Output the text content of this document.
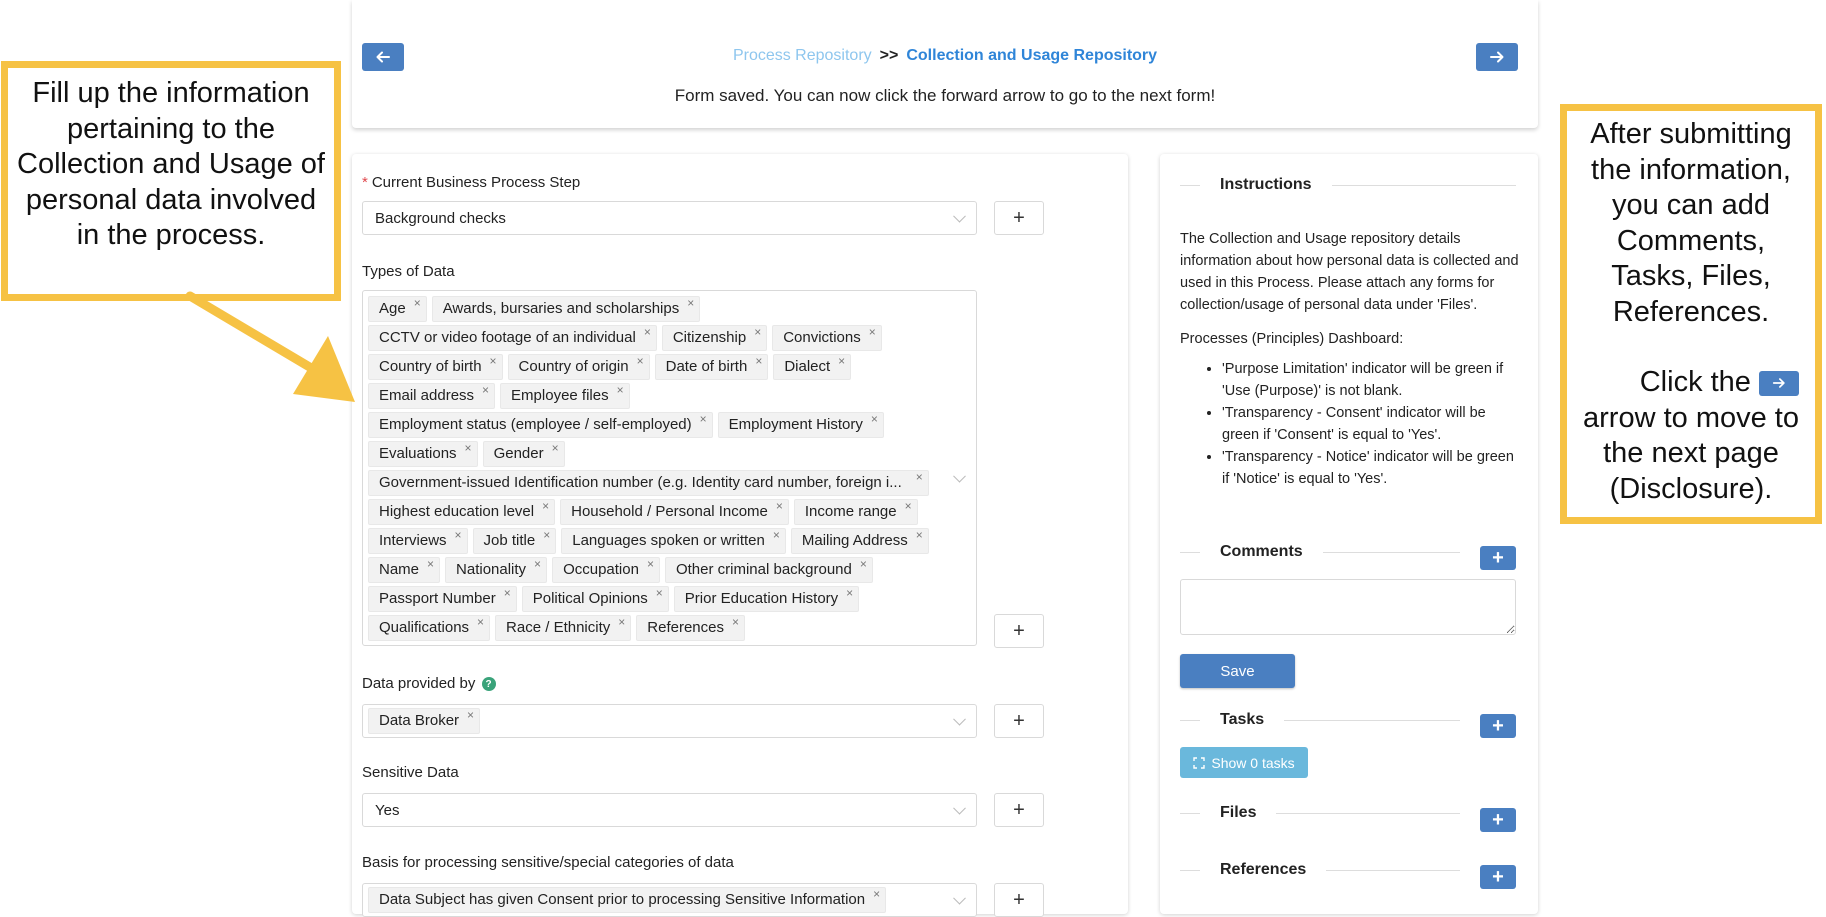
Process Repository >> Collection and Usage Repository
Form saved. You can now click the forward arrow to go to the next form!
* Current Business Process Step
Background checks	+
Types of Data
Age ×	Awards, bursaries and scholarships ×
CCTV or video footage of an individual ×	Citizenship ×	Convictions ×
Country of birth ×	Country of origin ×	Date of birth ×	Dialect ×
Email address ×	Employee files ×
Employment status (employee / self-employed) ×	Employment History ×
Evaluations ×	Gender ×
Government-issued Identification number (e.g. Identity card number, foreign i... ×
Highest education level ×	Household / Personal Income ×	Income range ×
Interviews ×	Job title ×	Languages spoken or written ×	Mailing Address ×
Name ×	Nationality ×	Occupation ×	Other criminal background ×
Passport Number ×	Political Opinions ×	Prior Education History ×
Qualifications ×	Race / Ethnicity ×	References ×	+
Data provided by ?
Data Broker ×	+
Sensitive Data
Yes	+
Basis for processing sensitive/special categories of data
Data Subject has given Consent prior to processing Sensitive Information ×	+
Instructions
The Collection and Usage repository details information about how personal data is collected and used in this Process. Please attach any forms for collection/usage of personal data under 'Files'.
Processes (Principles) Dashboard:
• 'Purpose Limitation' indicator will be green if 'Use (Purpose)' is not blank.
• 'Transparency - Consent' indicator will be green if 'Consent' is equal to 'Yes'.
• 'Transparency - Notice' indicator will be green if 'Notice' is equal to 'Yes'.
Comments	+
Save
Tasks	+
Show 0 tasks
Files	+
References	+
Fill up the information pertaining to the Collection and Usage of personal data involved in the process.
After submitting the information, you can add Comments, Tasks, Files, References.
Click the
arrow to move to the next page (Disclosure).
